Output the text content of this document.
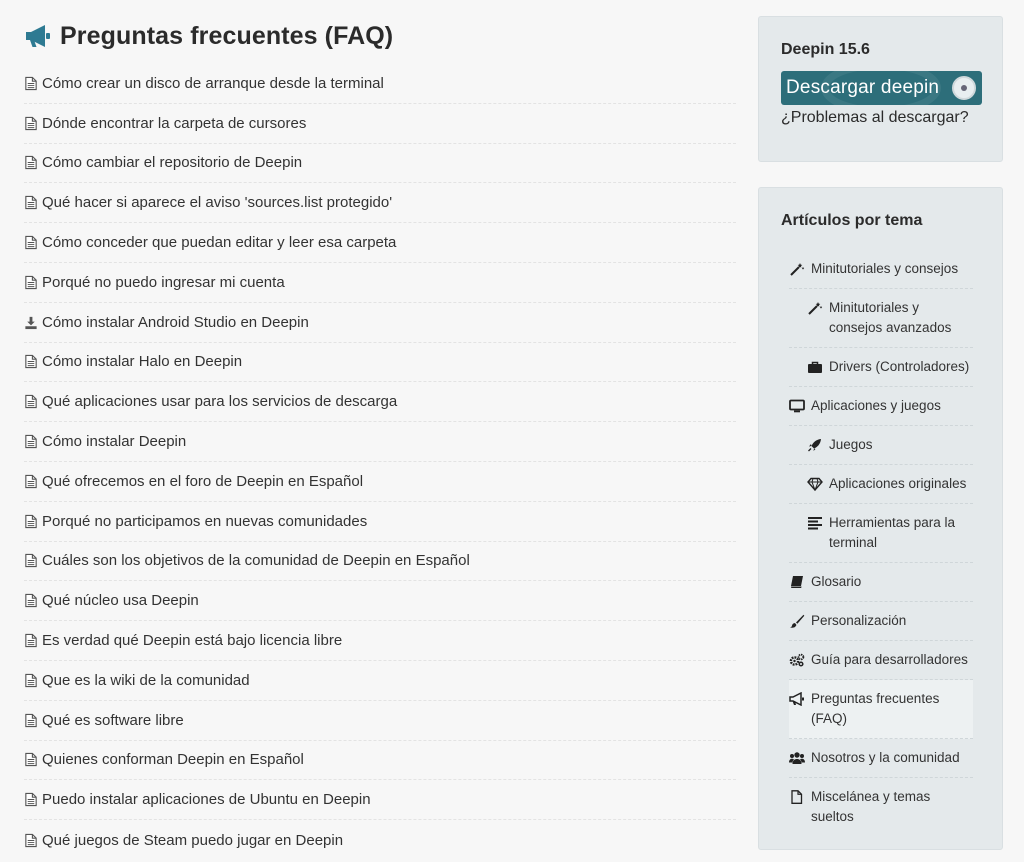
Preguntas frecuentes (FAQ)
Cómo crear un disco de arranque desde la terminal
Dónde encontrar la carpeta de cursores
Cómo cambiar el repositorio de Deepin
Qué hacer si aparece el aviso 'sources.list protegido'
Cómo conceder que puedan editar y leer esa carpeta
Porqué no puedo ingresar mi cuenta
Cómo instalar Android Studio en Deepin
Cómo instalar Halo en Deepin
Qué aplicaciones usar para los servicios de descarga
Cómo instalar Deepin
Qué ofrecemos en el foro de Deepin en Español
Porqué no participamos en nuevas comunidades
Cuáles son los objetivos de la comunidad de Deepin en Español
Qué núcleo usa Deepin
Es verdad qué Deepin está bajo licencia libre
Que es la wiki de la comunidad
Qué es software libre
Quienes conforman Deepin en Español
Puedo instalar aplicaciones de Ubuntu en Deepin
Qué juegos de Steam puedo jugar en Deepin
Deepin 15.6
Descargar deepin
¿Problemas al descargar?
Artículos por tema
Minitutoriales y consejos
Minitutoriales y consejos avanzados
Drivers (Controladores)
Aplicaciones y juegos
Juegos
Aplicaciones originales
Herramientas para la terminal
Glosario
Personalización
Guía para desarrolladores
Preguntas frecuentes (FAQ)
Nosotros y la comunidad
Miscelánea y temas sueltos
